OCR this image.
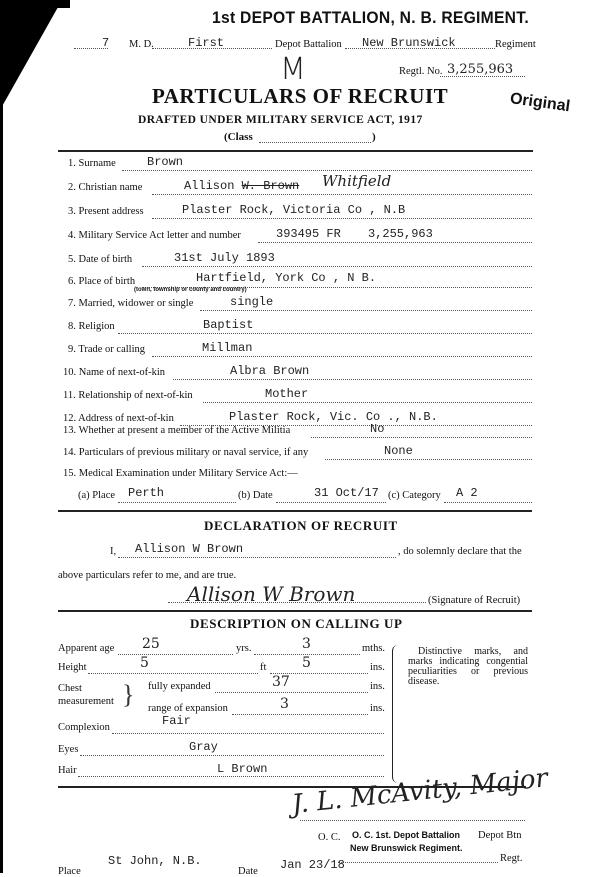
1st DEPOT BATTALION, N. B. REGIMENT.
7 M. D.	First	Depot Battalion New Brunswick	Regiment
M	Regtl. No. 3,255,963
PARTICULARS OF RECRUIT
DRAFTED UNDER MILITARY SERVICE ACT, 1917
Original
(Class	)
1. Surname	Brown
2. Christian name	Allison W. Brown Whitfield
3. Present address	Plaster Rock, Victoria Co , N.B
4. Military Service Act letter and number	393495 FR 3,255,963
5. Date of birth	31st July 1893
6. Place of birth	Hartfield, York Co , N B.
(town, township or county and country)
7. Married, widower or single	single
8. Religion	Baptist
9. Trade or calling	Millman
10. Name of next-of-kin	Albra Brown
11. Relationship of next-of-kin	Mother
12. Address of next-of-kin	Plaster Rock, Vic. Co ., N.B.
13. Whether at present a member of the Active Militia	No
14. Particulars of previous military or naval service, if any	None
15. Medical Examination under Military Service Act:—
(a) Place Perth	(b) Date	31 Oct/17 (c) Category A 2
DECLARATION OF RECRUIT
I, Allison W Brown	, do solemnly declare that the
above particulars refer to me, and are true.
Allison W Brown	(Signature of Recruit)
DESCRIPTION ON CALLING UP
Apparent age 25	yrs.	3	mths.
Height	5	ft	5	ins.
Chest
measurement } fully expanded	37	ins.
range of expansion	3	ins.
Complexion	Fair
Eyes	Gray
Hair	L Brown
Distinctive marks, and marks indicating congential peculiarities or previous disease.
J. L. McAvity, Major
O. C. O. C. 1st. Depot Battalion Depot Btn
New Brunswick Regiment.
Regt.
Place
St John, N.B.
Date Jan 23/18
